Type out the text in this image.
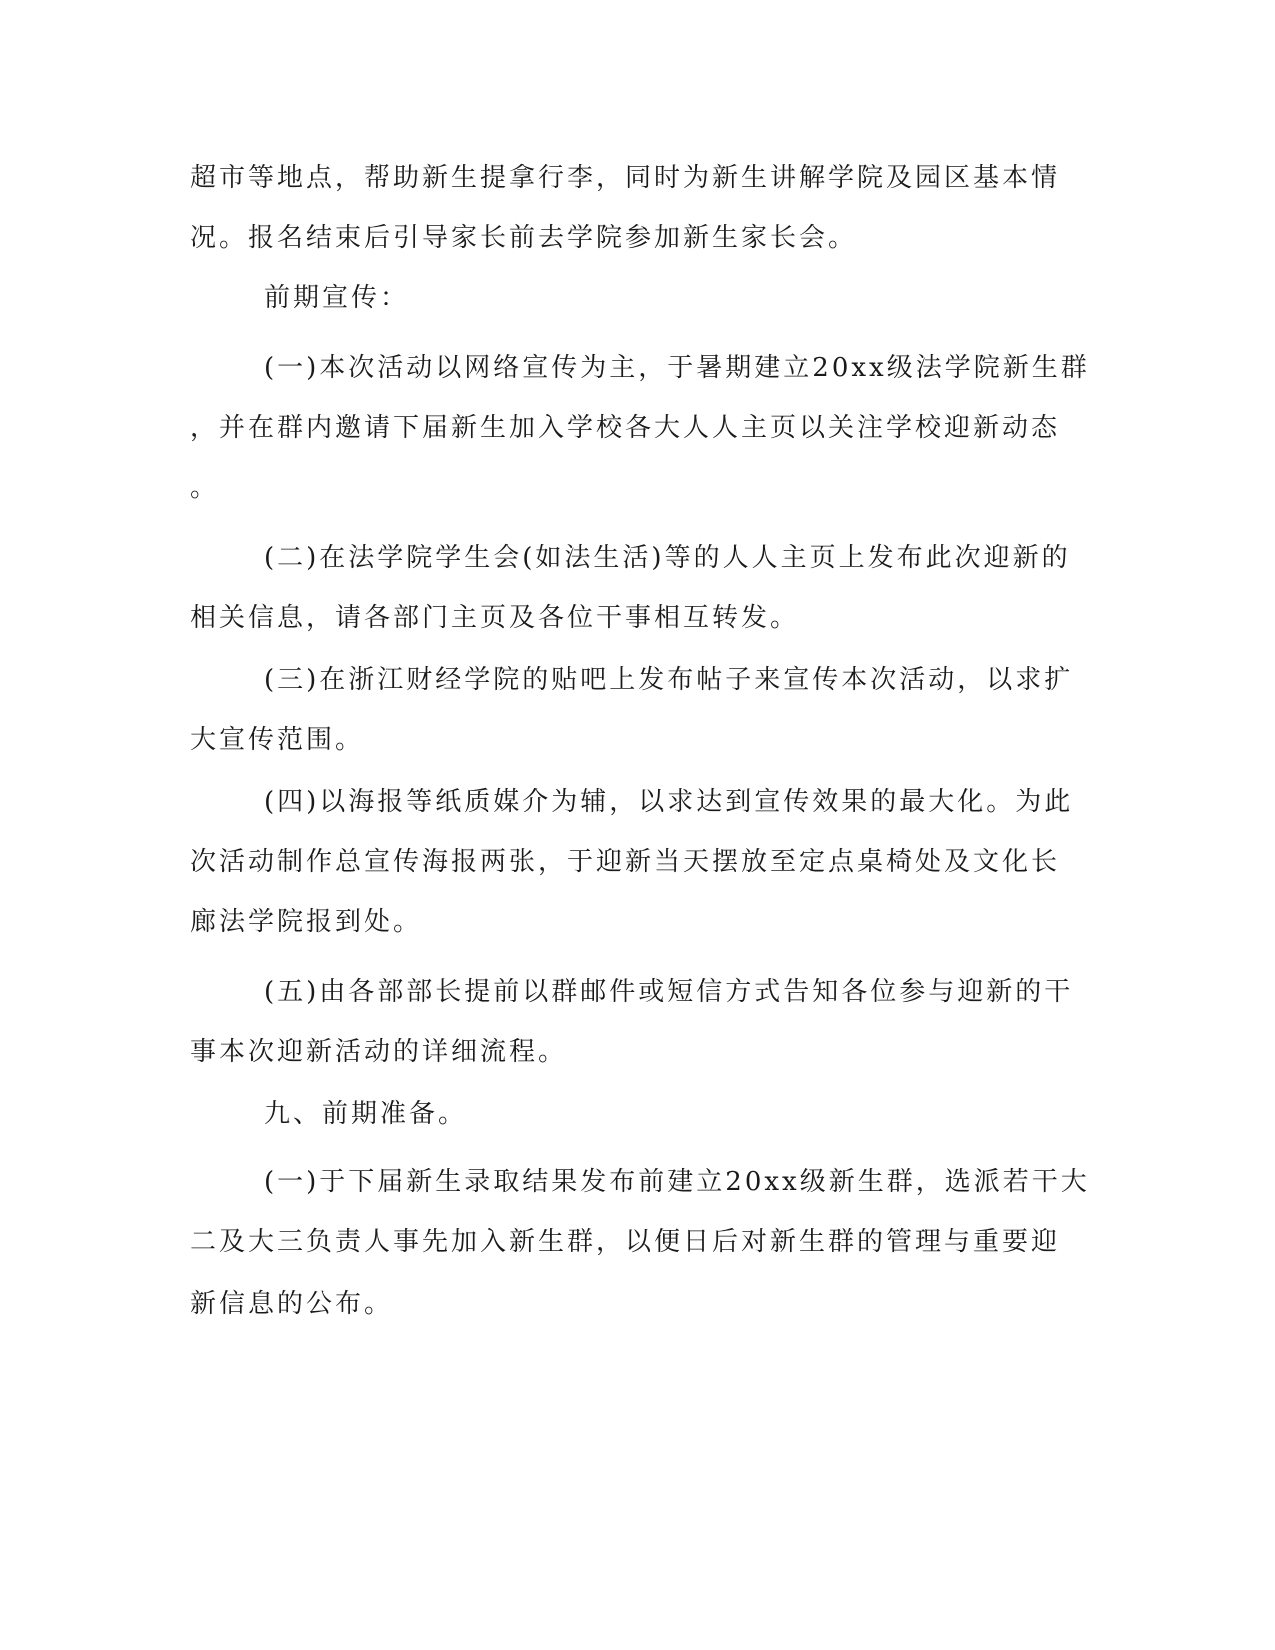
超市等地点，帮助新生提拿行李，同时为新生讲解学院及园区基本情
况。报名结束后引导家长前去学院参加新生家长会。
前期宣传：
(一)本次活动以网络宣传为主，于暑期建立20xx级法学院新生群
，并在群内邀请下届新生加入学校各大人人主页以关注学校迎新动态
。
(二)在法学院学生会(如法生活)等的人人主页上发布此次迎新的
相关信息，请各部门主页及各位干事相互转发。
(三)在浙江财经学院的贴吧上发布帖子来宣传本次活动，以求扩
大宣传范围。
(四)以海报等纸质媒介为辅，以求达到宣传效果的最大化。为此
次活动制作总宣传海报两张，于迎新当天摆放至定点桌椅处及文化长
廊法学院报到处。
(五)由各部部长提前以群邮件或短信方式告知各位参与迎新的干
事本次迎新活动的详细流程。
九、前期准备。
(一)于下届新生录取结果发布前建立20xx级新生群，选派若干大
二及大三负责人事先加入新生群，以便日后对新生群的管理与重要迎
新信息的公布。
